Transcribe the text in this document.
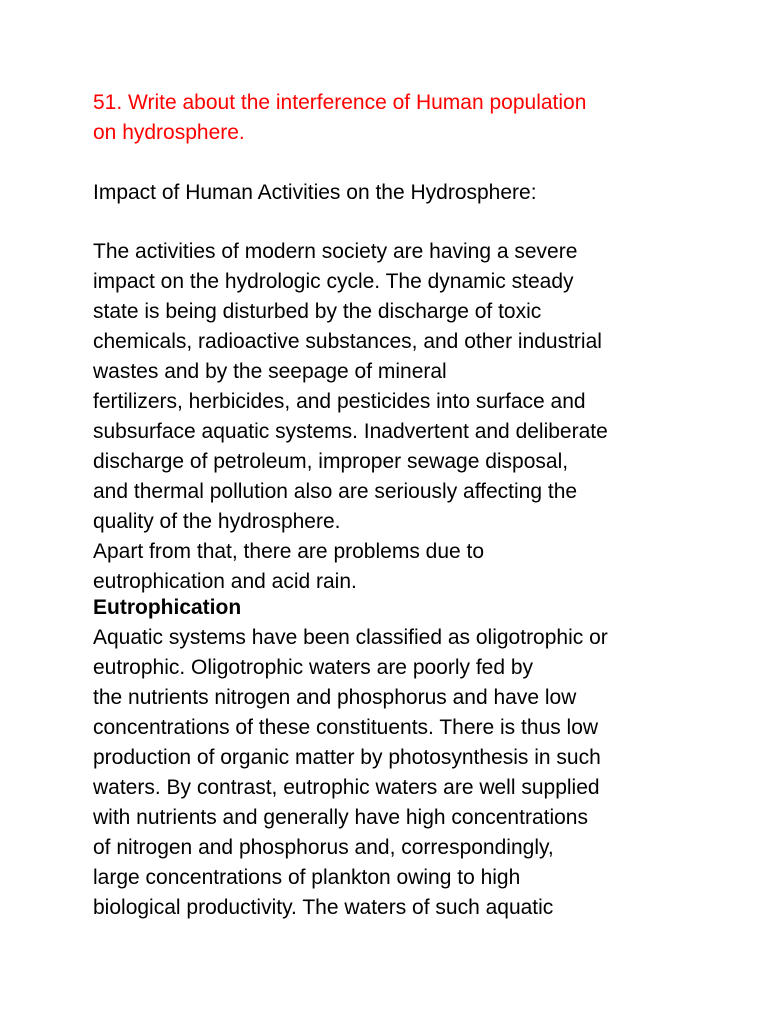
51. Write about the interference of Human population
on hydrosphere.
Impact of Human Activities on the Hydrosphere:
The activities of modern society are having a severe
impact on the hydrologic cycle. The dynamic steady
state is being disturbed by the discharge of toxic
chemicals, radioactive substances, and other industrial
wastes and by the seepage of mineral
fertilizers, herbicides, and pesticides into surface and
subsurface aquatic systems. Inadvertent and deliberate
discharge of petroleum, improper sewage disposal,
and thermal pollution also are seriously affecting the
quality of the hydrosphere.
Apart from that, there are problems due to
eutrophication and acid rain.
Eutrophication
Aquatic systems have been classified as oligotrophic or
eutrophic. Oligotrophic waters are poorly fed by
the nutrients nitrogen and phosphorus and have low
concentrations of these constituents. There is thus low
production of organic matter by photosynthesis in such
waters. By contrast, eutrophic waters are well supplied
with nutrients and generally have high concentrations
of nitrogen and phosphorus and, correspondingly,
large concentrations of plankton owing to high
biological productivity. The waters of such aquatic
